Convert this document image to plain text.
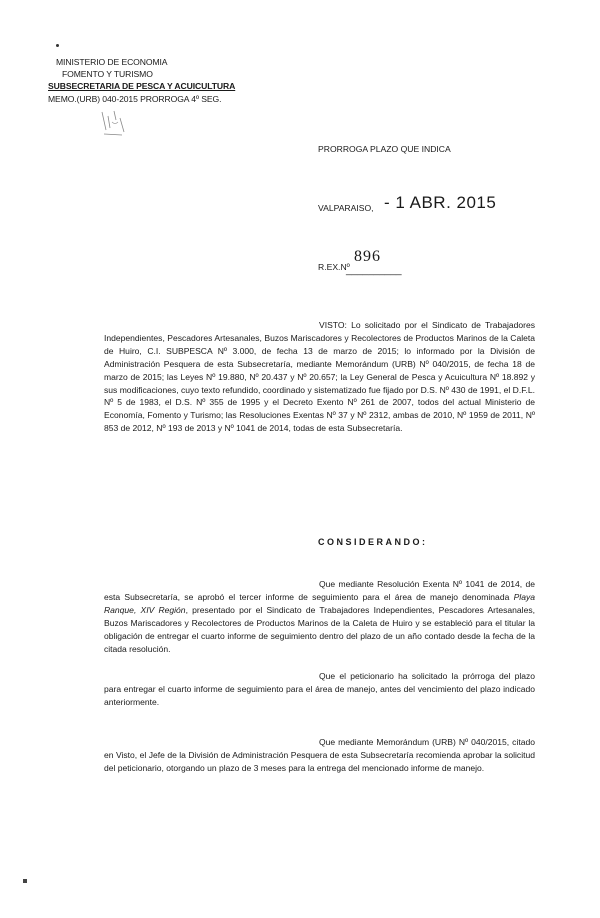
MINISTERIO DE ECONOMIA
FOMENTO Y TURISMO
SUBSECRETARIA DE PESCA Y ACUICULTURA
MEMO.(URB) 040-2015 PRORROGA 4º SEG.
PRORROGA PLAZO QUE INDICA
VALPARAISO, - 1 ABR. 2015
896
R.EX.Nº
__________
VISTO: Lo solicitado por el Sindicato de Trabajadores Independientes, Pescadores Artesanales, Buzos Mariscadores y Recolectores de Productos Marinos de la Caleta de Huiro, C.I. SUBPESCA Nº 3.000, de fecha 13 de marzo de 2015; lo informado por la División de Administración Pesquera de esta Subsecretaría, mediante Memorándum (URB) Nº 040/2015, de fecha 18 de marzo de 2015; las Leyes Nº 19.880, Nº 20.437 y Nº 20.657; la Ley General de Pesca y Acuicultura Nº 18.892 y sus modificaciones, cuyo texto refundido, coordinado y sistematizado fue fijado por D.S. Nº 430 de 1991, el D.F.L. Nº 5 de 1983, el D.S. Nº 355 de 1995 y el Decreto Exento Nº 261 de 2007, todos del actual Ministerio de Economía, Fomento y Turismo; las Resoluciones Exentas Nº 37 y Nº 2312, ambas de 2010, Nº 1959 de 2011, Nº 853 de 2012, Nº 193 de 2013 y Nº 1041 de 2014, todas de esta Subsecretaría.
CONSIDERANDO:
Que mediante Resolución Exenta Nº 1041 de 2014, de esta Subsecretaría, se aprobó el tercer informe de seguimiento para el área de manejo denominada Playa Ranque, XIV Región, presentado por el Sindicato de Trabajadores Independientes, Pescadores Artesanales, Buzos Mariscadores y Recolectores de Productos Marinos de la Caleta de Huiro y se estableció para el titular la obligación de entregar el cuarto informe de seguimiento dentro del plazo de un año contado desde la fecha de la citada resolución.
Que el peticionario ha solicitado la prórroga del plazo para entregar el cuarto informe de seguimiento para el área de manejo, antes del vencimiento del plazo indicado anteriormente.
Que mediante Memorándum (URB) Nº 040/2015, citado en Visto, el Jefe de la División de Administración Pesquera de esta Subsecretaría recomienda aprobar la solicitud del peticionario, otorgando un plazo de 3 meses para la entrega del mencionado informe de manejo.
